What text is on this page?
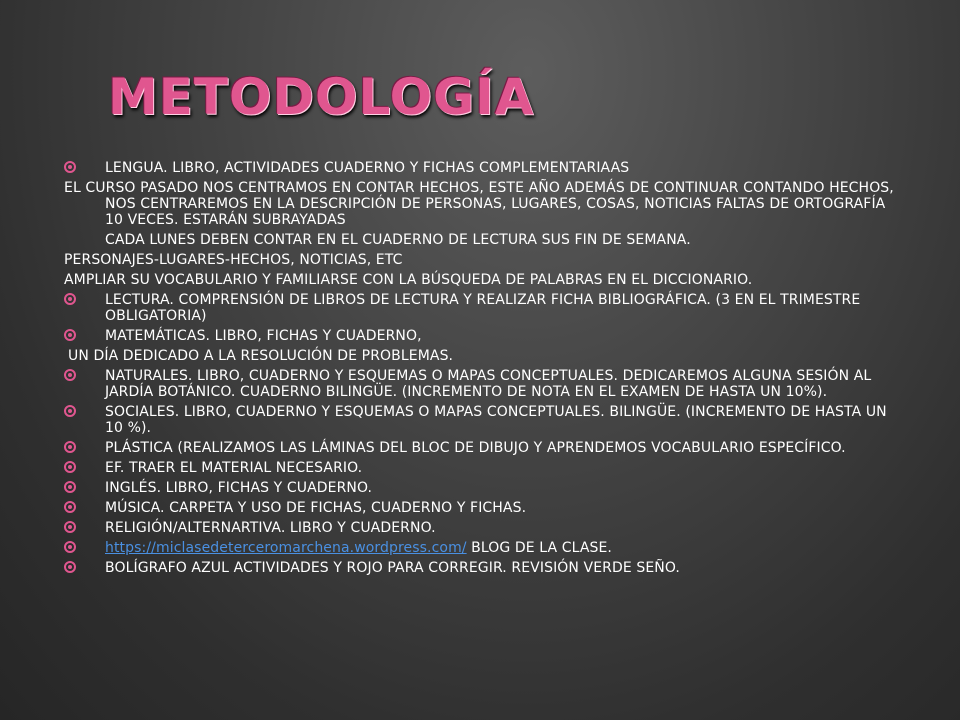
METODOLOGÍA
LENGUA. LIBRO, ACTIVIDADES CUADERNO Y FICHAS COMPLEMENTARIAAS
EL CURSO PASADO NOS CENTRAMOS EN CONTAR HECHOS, ESTE AÑO ADEMÁS DE CONTINUAR CONTANDO HECHOS, NOS CENTRAREMOS EN LA DESCRIPCIÓN DE PERSONAS, LUGARES, COSAS, NOTICIAS FALTAS DE ORTOGRAFÍA 10 VECES. ESTARÁN SUBRAYADAS
CADA LUNES DEBEN CONTAR EN EL CUADERNO DE LECTURA SUS FIN DE SEMANA.
PERSONAJES-LUGARES-HECHOS, NOTICIAS, ETC
AMPLIAR SU VOCABULARIO Y FAMILIARSE CON LA BÚSQUEDA DE PALABRAS EN EL DICCIONARIO.
LECTURA. COMPRENSIÓN DE LIBROS DE LECTURA Y REALIZAR FICHA BIBLIOGRÁFICA. (3 EN EL TRIMESTRE OBLIGATORIA)
MATEMÁTICAS. LIBRO, FICHAS Y CUADERNO,
UN DÍA DEDICADO A LA RESOLUCIÓN DE PROBLEMAS.
NATURALES. LIBRO, CUADERNO Y ESQUEMAS O MAPAS CONCEPTUALES. DEDICAREMOS ALGUNA SESIÓN AL JARDÍA BOTÁNICO. CUADERNO BILINGÜE. (INCREMENTO DE NOTA EN EL EXAMEN DE HASTA UN 10%).
SOCIALES. LIBRO, CUADERNO Y ESQUEMAS O MAPAS CONCEPTUALES. BILINGÜE. (INCREMENTO DE HASTA UN 10 %).
PLÁSTICA (REALIZAMOS LAS LÁMINAS DEL BLOC DE DIBUJO Y APRENDEMOS VOCABULARIO ESPECÍFICO.
EF. TRAER EL MATERIAL NECESARIO.
INGLÉS. LIBRO, FICHAS Y CUADERNO.
MÚSICA. CARPETA Y USO DE FICHAS, CUADERNO Y FICHAS.
RELIGIÓN/ALTERNARTIVA. LIBRO Y CUADERNO.
https://miclasedeterceromarchena.wordpress.com/ BLOG DE LA CLASE.
BOLÍGRAFO AZUL ACTIVIDADES Y ROJO PARA CORREGIR. REVISIÓN VERDE SEÑO.
